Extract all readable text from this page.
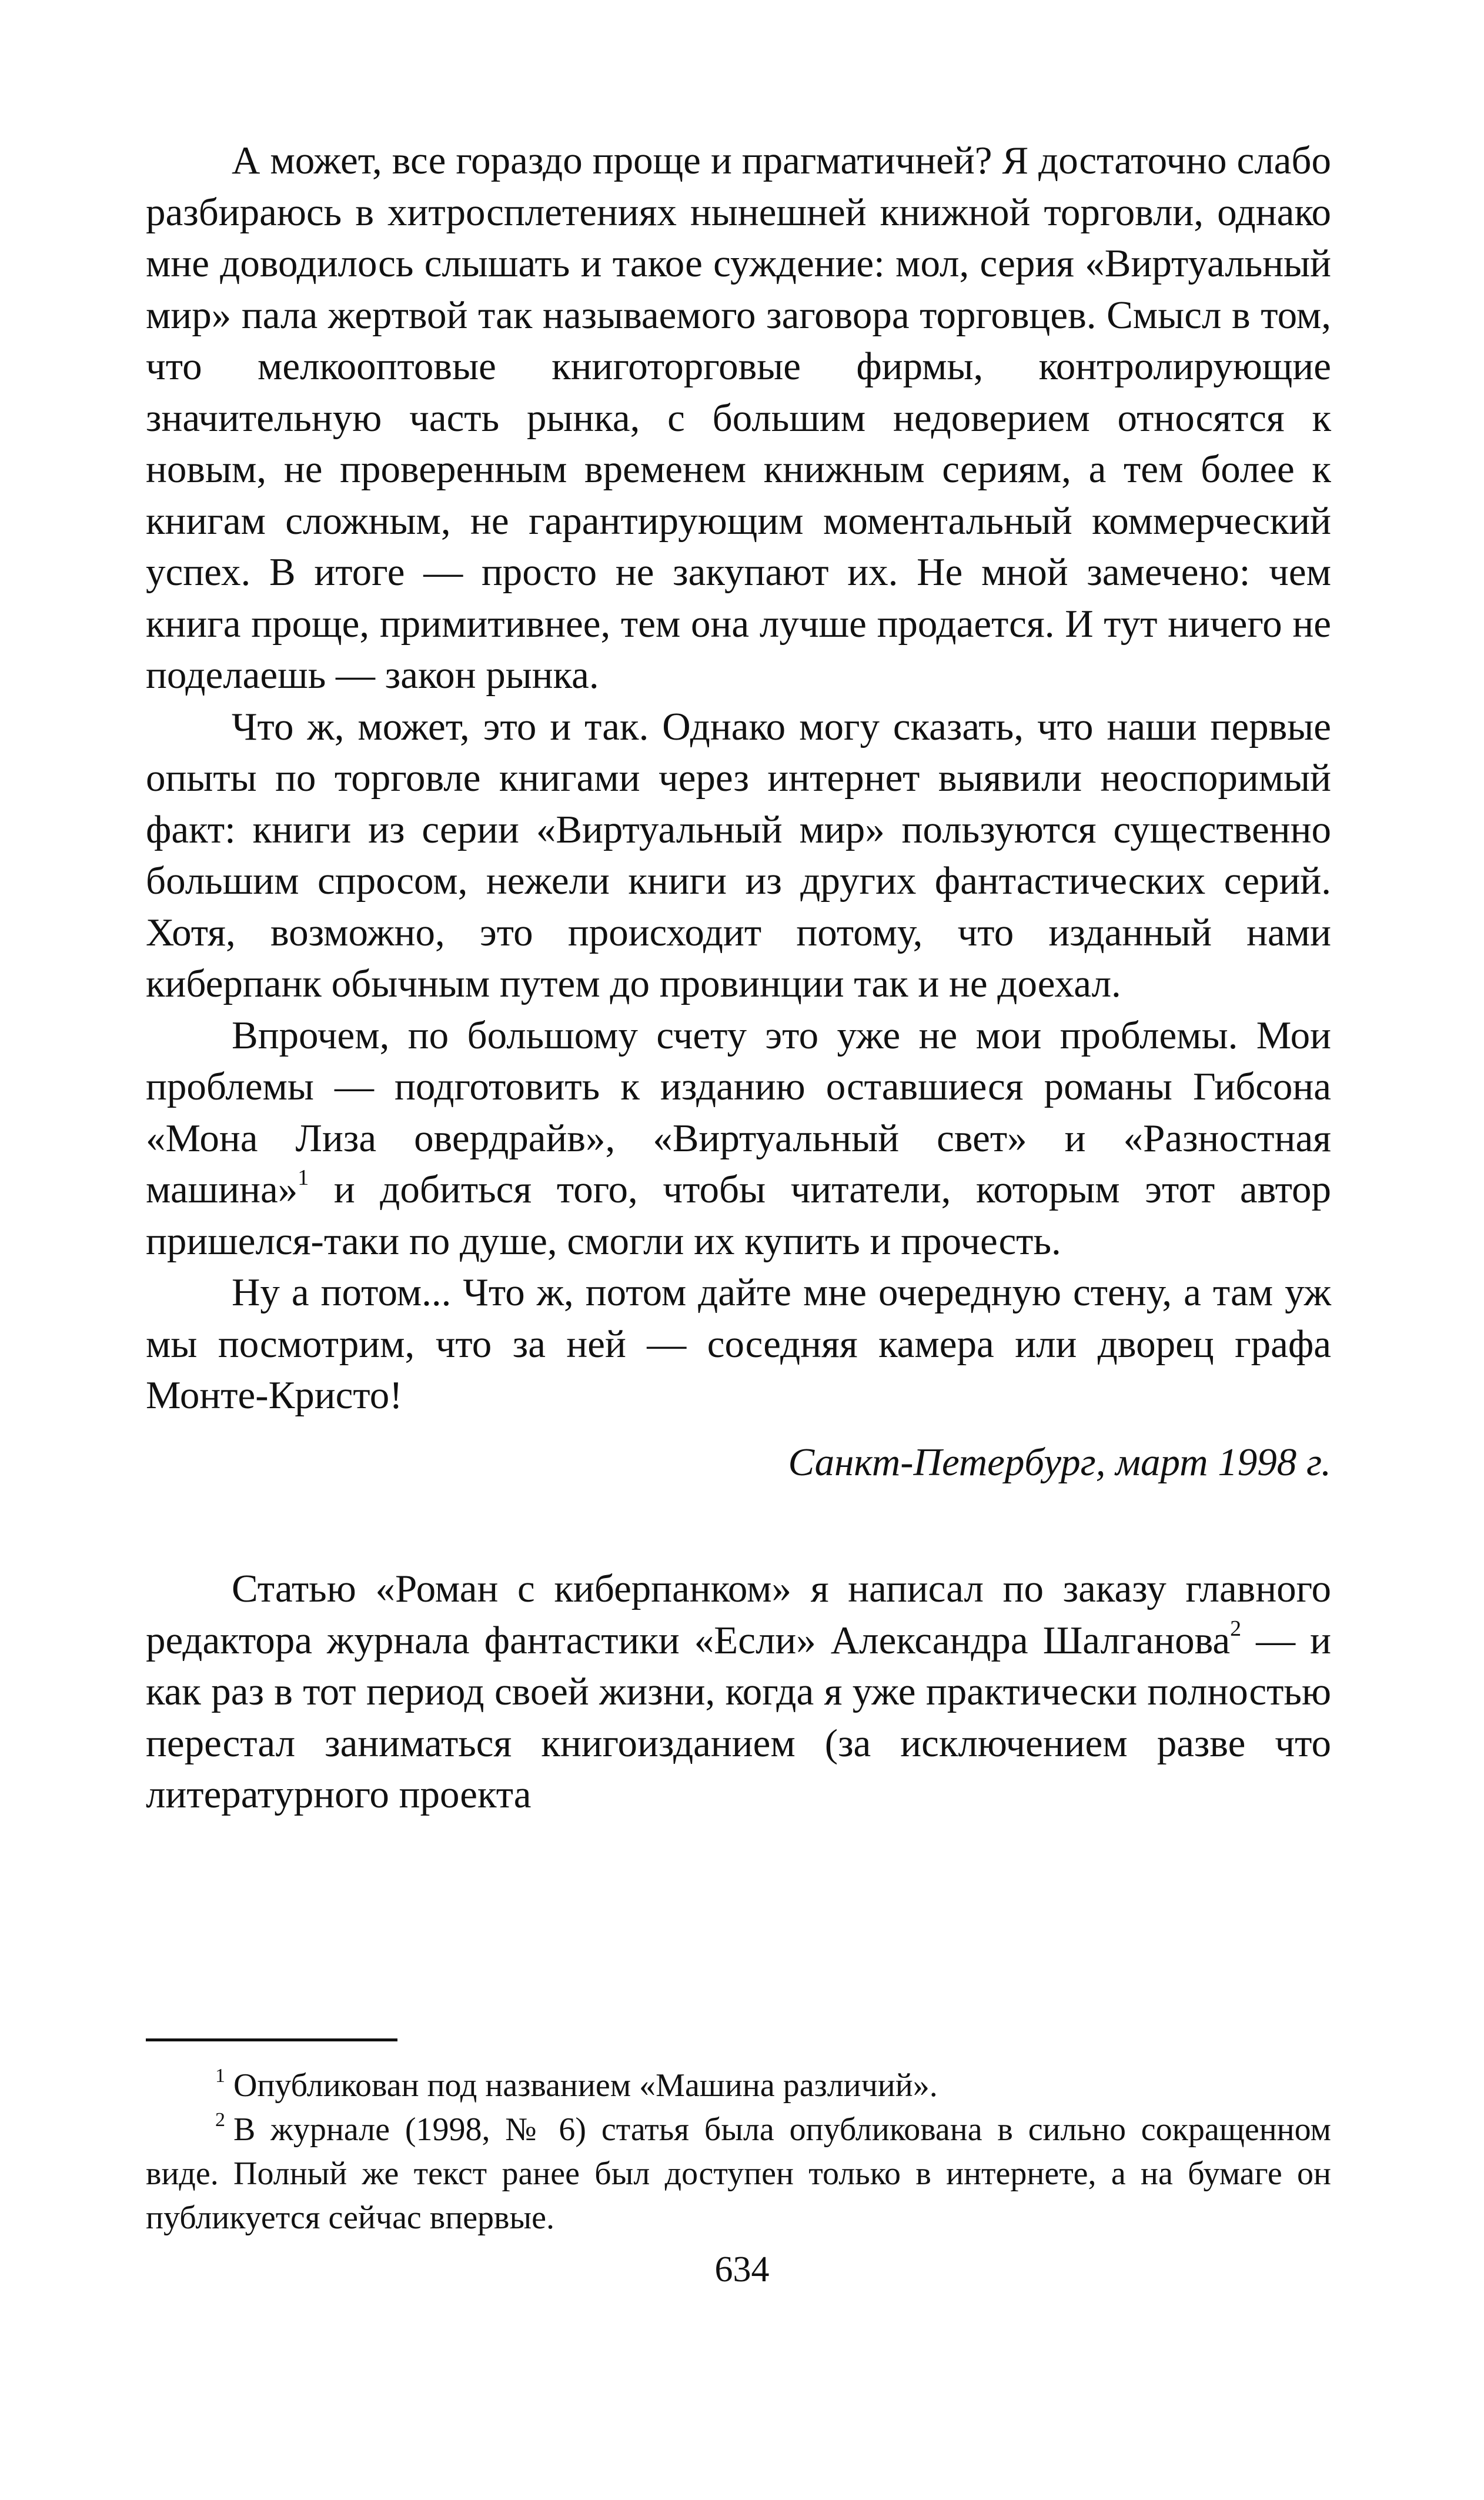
А может, все гораздо проще и прагматичней? Я достаточно слабо разбираюсь в хитросплетениях нынешней книжной торговли, однако мне доводилось слышать и такое суждение: мол, серия «Виртуальный мир» пала жертвой так называемого заговора торговцев. Смысл в том, что мелкооптовые книготорговые фирмы, контролирующие значительную часть рынка, с большим недоверием относятся к новым, не проверенным временем книжным сериям, а тем более к книгам сложным, не гарантирующим моментальный коммерческий успех. В итоге — просто не закупают их. Не мной замечено: чем книга проще, примитивнее, тем она лучше продается. И тут ничего не поделаешь — закон рынка.

Что ж, может, это и так. Однако могу сказать, что наши первые опыты по торговле книгами через интернет выявили неоспоримый факт: книги из серии «Виртуальный мир» пользуются существенно большим спросом, нежели книги из других фантастических серий. Хотя, возможно, это происходит потому, что изданный нами киберпанк обычным путем до провинции так и не доехал.

Впрочем, по большому счету это уже не мои проблемы. Мои проблемы — подготовить к изданию оставшиеся романы Гибсона «Мона Лиза овердрайв», «Виртуальный свет» и «Разностная машина»$^1$ и добиться того, чтобы читатели, которым этот автор пришелся-таки по душе, смогли их купить и прочесть.

Ну а потом... Что ж, потом дайте мне очередную стену, а там уж мы посмотрим, что за ней — соседняя камера или дворец графа Монте-Кристо!

Санкт-Петербург, март 1998 г.

Статью «Роман с киберпанком» я написал по заказу главного редактора журнала фантастики «Если» Александра Шалганова$^2$ — и как раз в тот период своей жизни, когда я уже практически полностью перестал заниматься книгоизданием (за исключением разве что литературного проекта

$^1$ Опубликован под названием «Машина различий».

$^2$ В журнале (1998, № 6) статья была опубликована в сильно сокращенном виде. Полный же текст ранее был доступен только в интернете, а на бумаге он публикуется сейчас впервые.

634
